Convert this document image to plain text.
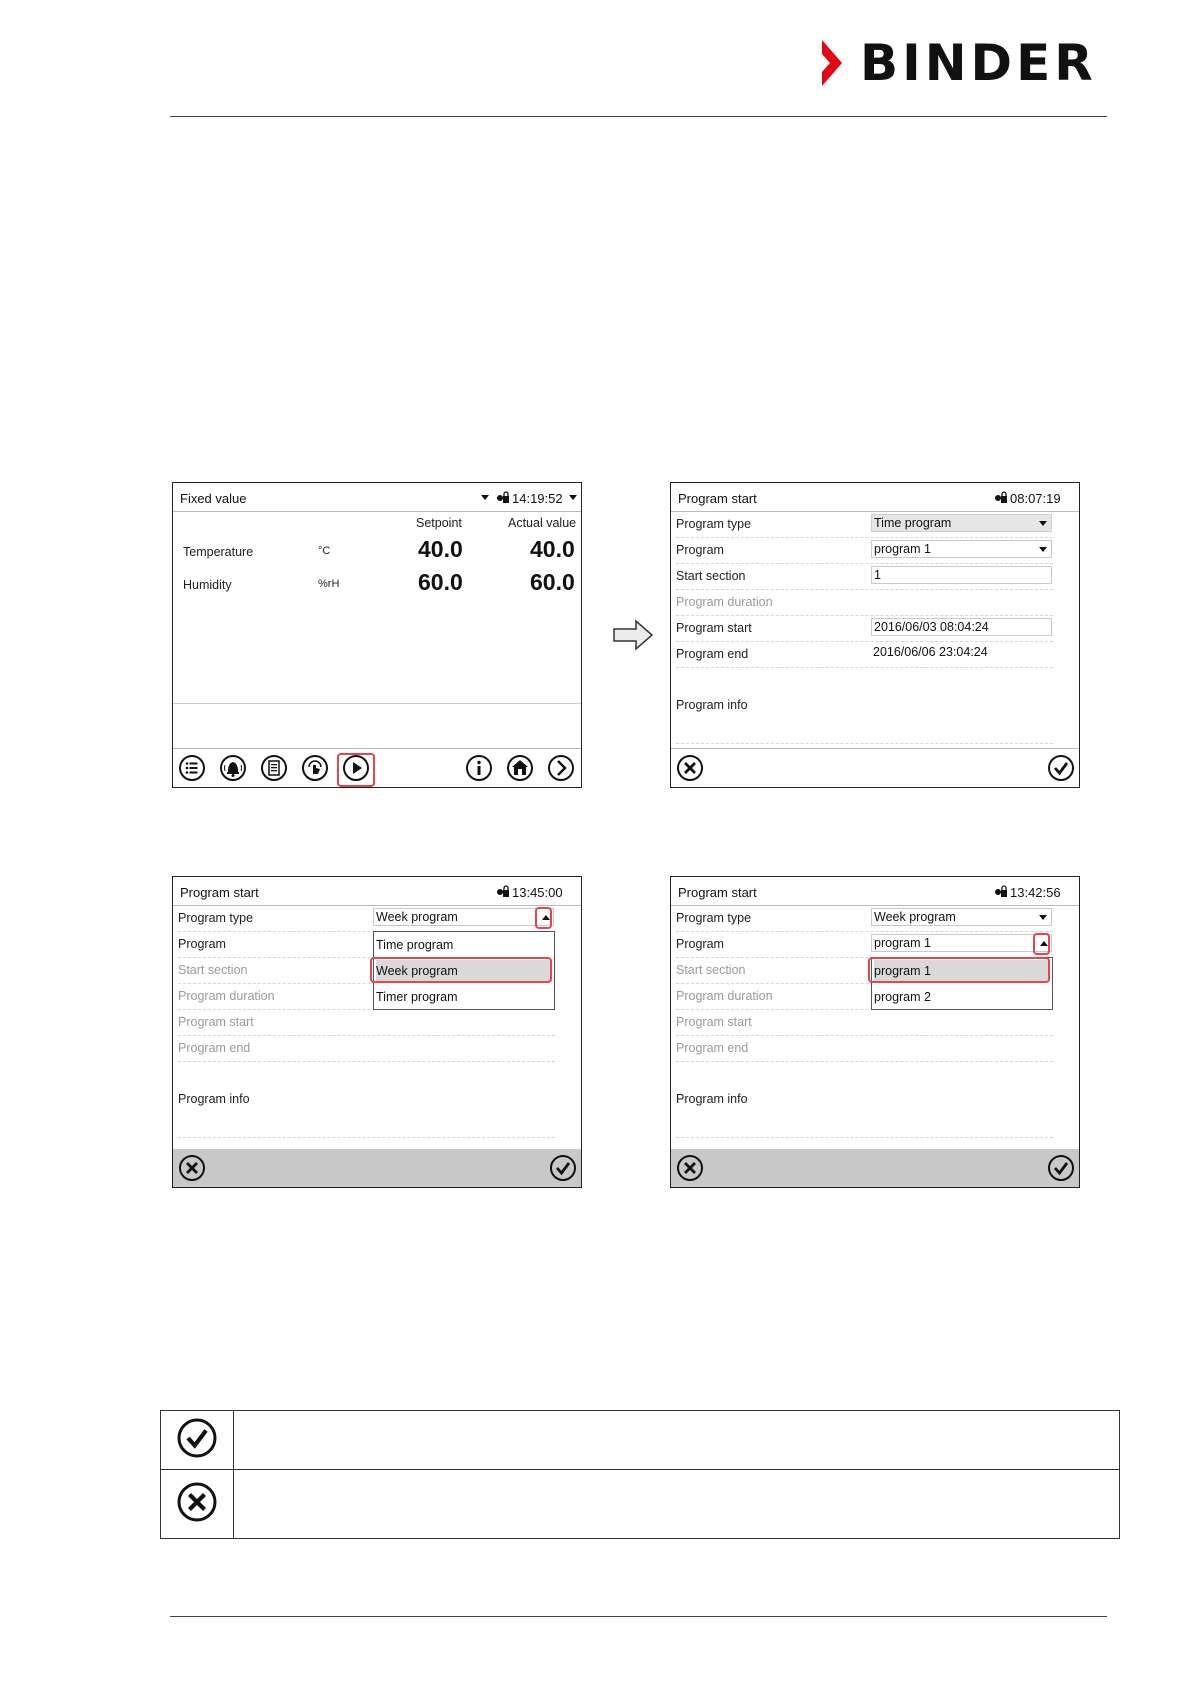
BINDER
Fixed value	14:19:52
Setpoint	Actual value
Temperature	°C	40.0	40.0
Humidity	%rH	60.0	60.0
Program start	08:07:19
Program type	Time program
Program	program 1
Start section	1
Program duration
Program start	2016/06/03 08:04:24
Program end	2016/06/06 23:04:24
Program info
Program start	13:45:00
Program type	Week program
Program
Start section
Program duration
Program start
Program end
Program info
Time program
Week program
Timer program
Program start	13:42:56
Program type	Week program
Program	program 1
Start section
Program duration
Program start
Program end
Program info
program 1
program 2
